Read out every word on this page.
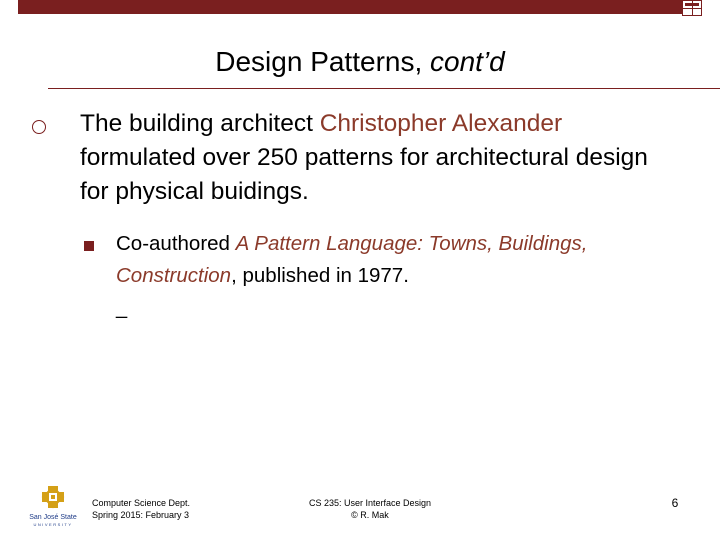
Design Patterns, cont’d
The building architect Christopher Alexander formulated over 250 patterns for architectural design for physical buidings.
Co-authored A Pattern Language: Towns, Buildings,
Construction, published in 1977.
_
San José State
UNIVERSITY
Computer Science Dept.
Spring 2015: February 3
CS 235: User Interface Design
© R. Mak
6
